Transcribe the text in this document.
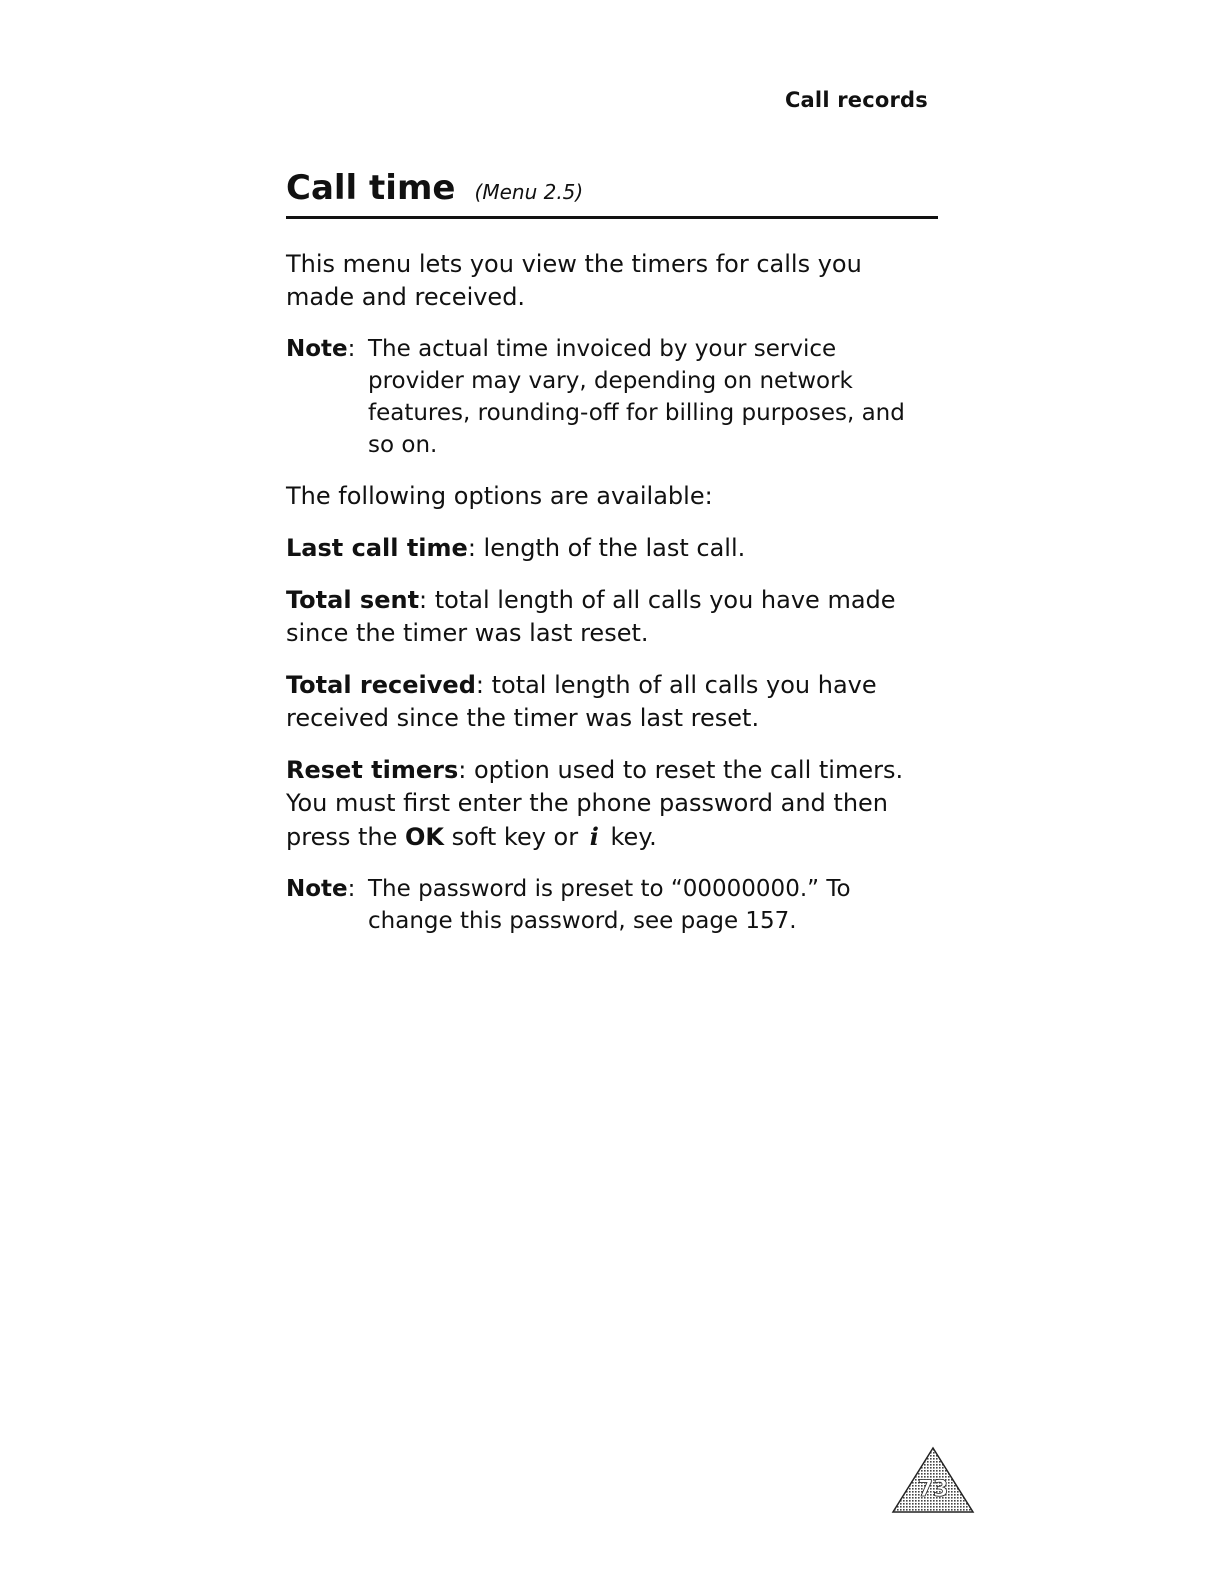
Call records
Call time (Menu 2.5)

This menu lets you view the timers for calls you made and received.

Note: The actual time invoiced by your service provider may vary, depending on network features, rounding-off for billing purposes, and so on.

The following options are available:

Last call time: length of the last call.

Total sent: total length of all calls you have made since the timer was last reset.

Total received: total length of all calls you have received since the timer was last reset.

Reset timers: option used to reset the call timers. You must first enter the phone password and then press the OK soft key or i key.

Note: The password is preset to “00000000.” To change this password, see page 157.
73
